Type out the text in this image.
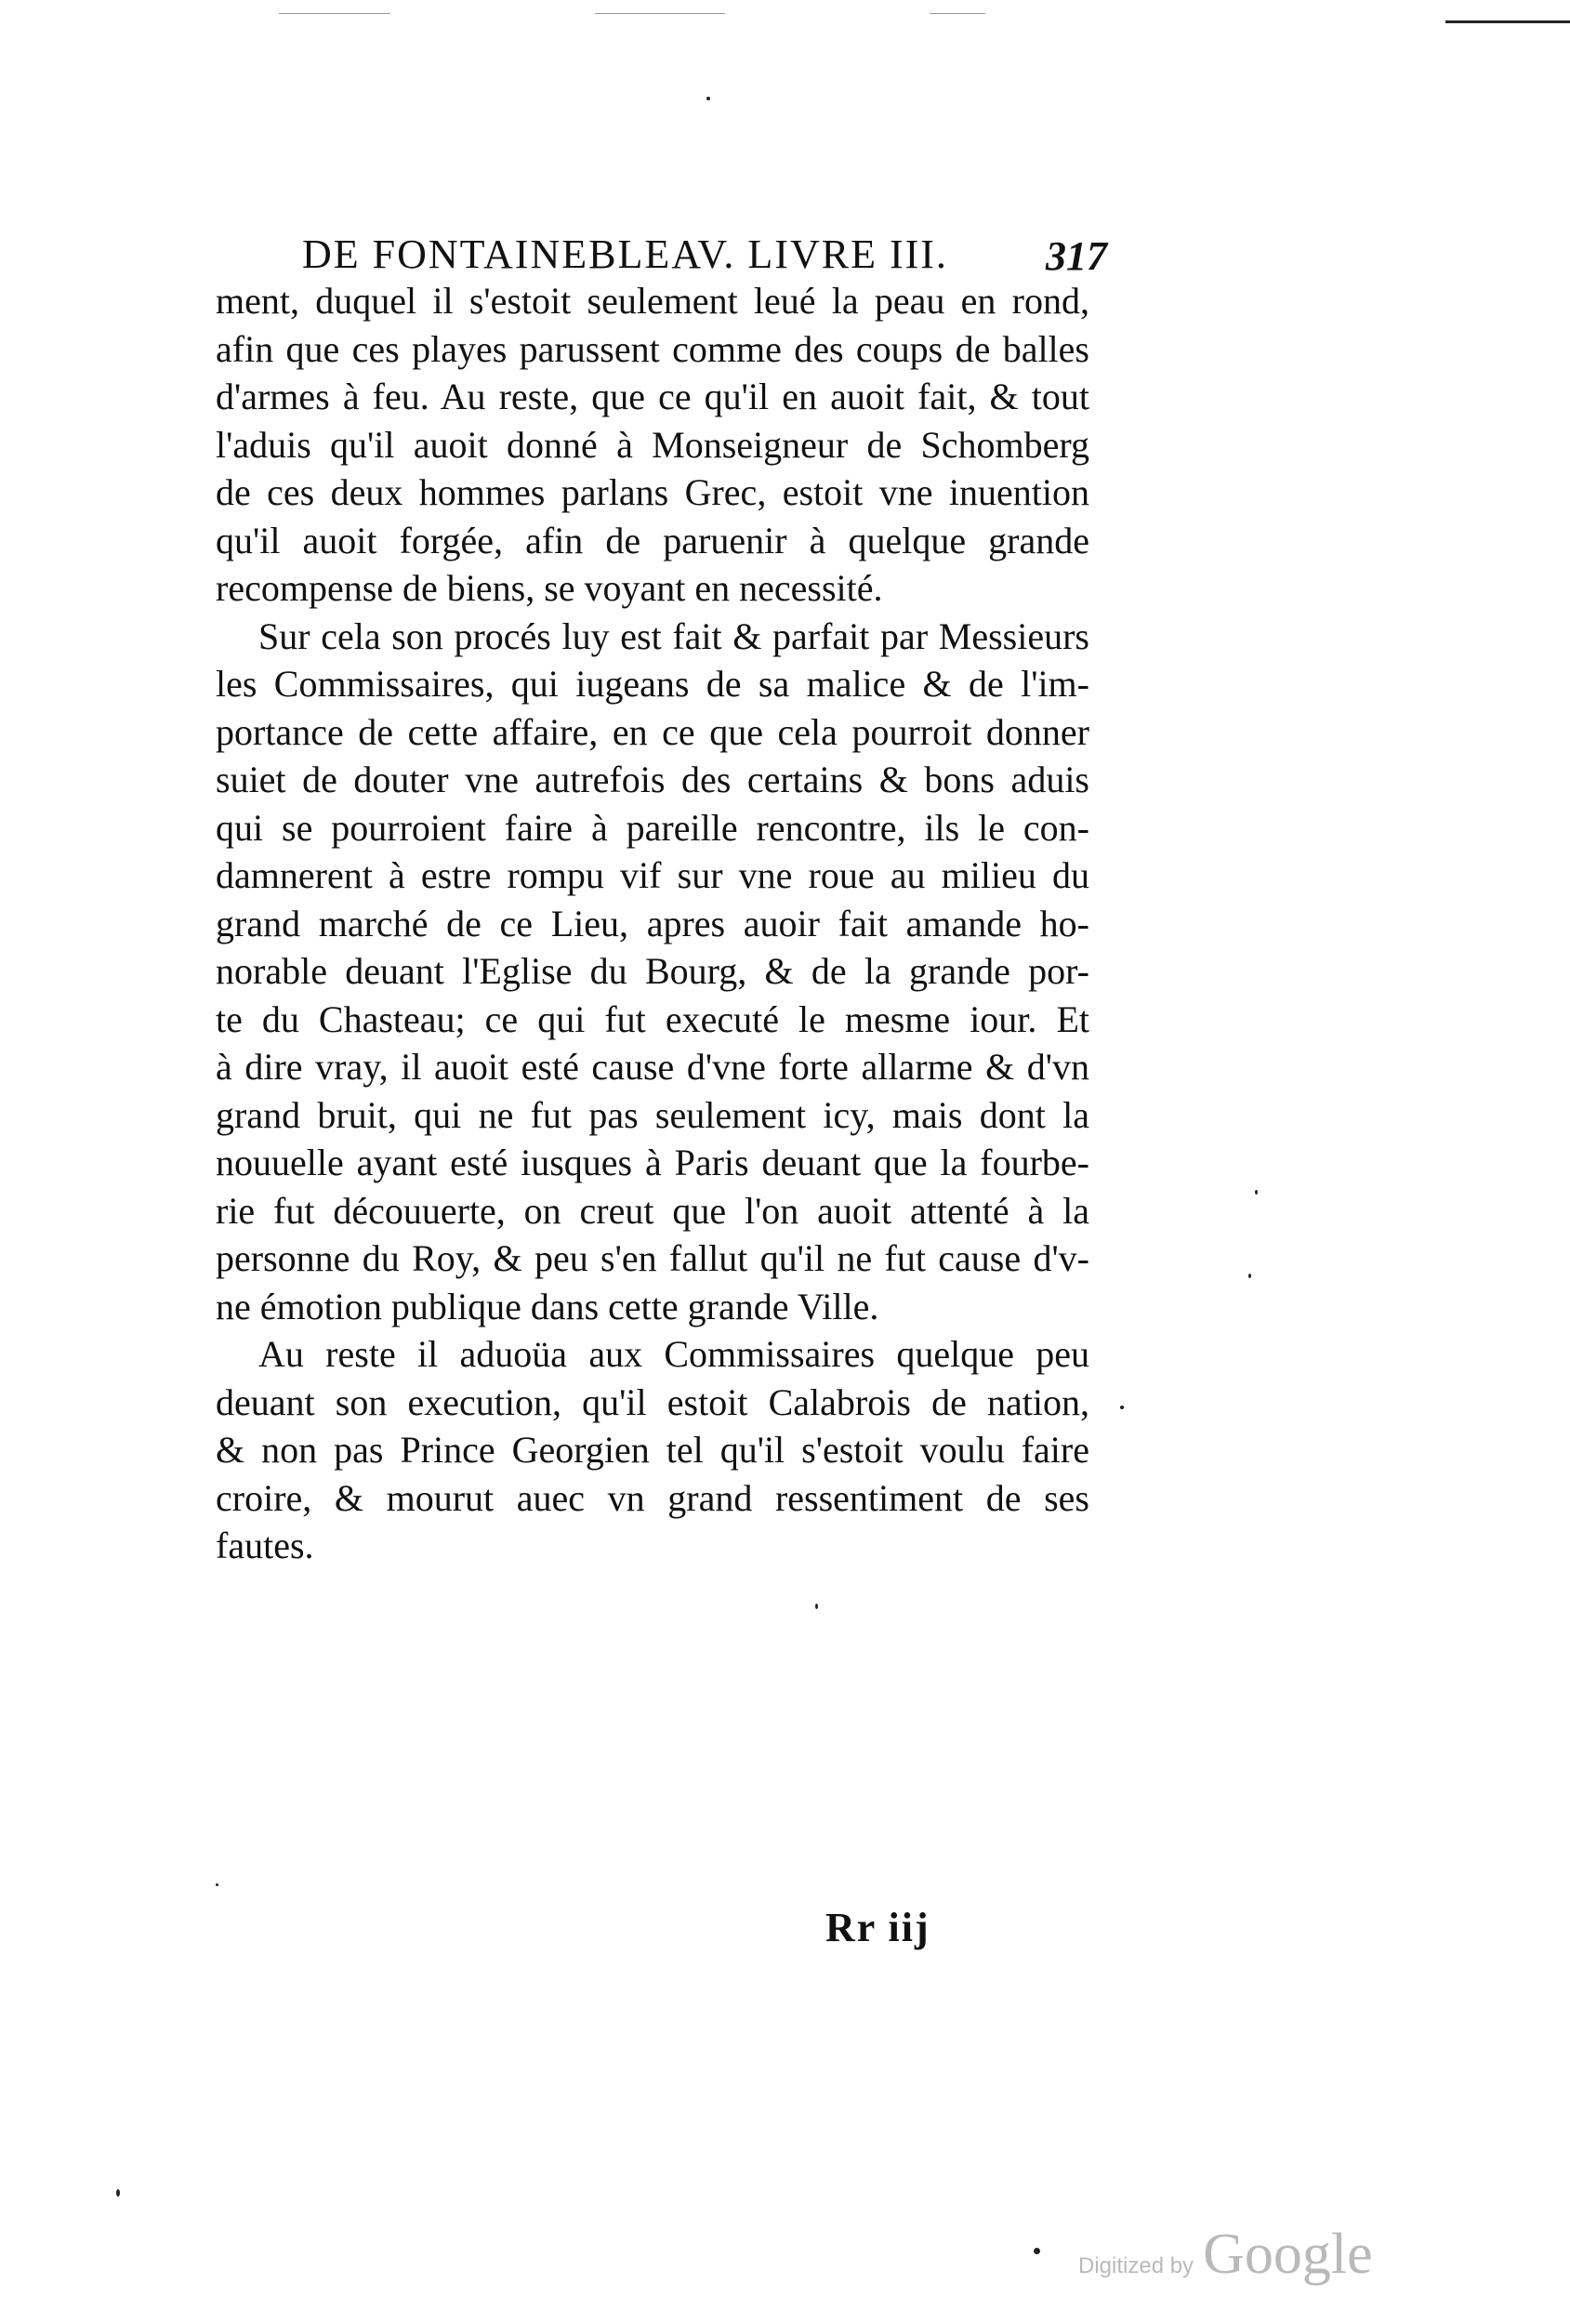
DE FONTAINEBLEAV. LIVRE III. 317
ment, duquel il s'estoit seulement leué la peau en rond,
afin que ces playes parussent comme des coups de balles
d'armes à feu. Au reste, que ce qu'il en auoit fait, & tout
l'aduis qu'il auoit donné à Monseigneur de Schomberg
de ces deux hommes parlans Grec, estoit vne inuention
qu'il auoit forgée, afin de paruenir à quelque grande
recompense de biens, se voyant en necessité.
Sur cela son procés luy est fait & parfait par Messieurs
les Commissaires, qui iugeans de sa malice & de l'im-
portance de cette affaire, en ce que cela pourroit donner
suiet de douter vne autrefois des certains & bons aduis
qui se pourroient faire à pareille rencontre, ils le con-
damnerent à estre rompu vif sur vne roue au milieu du
grand marché de ce Lieu, apres auoir fait amande ho-
norable deuant l'Eglise du Bourg, & de la grande por-
te du Chasteau; ce qui fut executé le mesme iour. Et
à dire vray, il auoit esté cause d'vne forte allarme & d'vn
grand bruit, qui ne fut pas seulement icy, mais dont la
nouuelle ayant esté iusques à Paris deuant que la fourbe-
rie fut découuerte, on creut que l'on auoit attenté à la
personne du Roy, & peu s'en fallut qu'il ne fut cause d'v-
ne émotion publique dans cette grande Ville.
Au reste il aduoüa aux Commissaires quelque peu
deuant son execution, qu'il estoit Calabrois de nation,
& non pas Prince Georgien tel qu'il s'estoit voulu faire
croire, & mourut auec vn grand ressentiment de ses
fautes.
Rr iij
Digitized by Google
